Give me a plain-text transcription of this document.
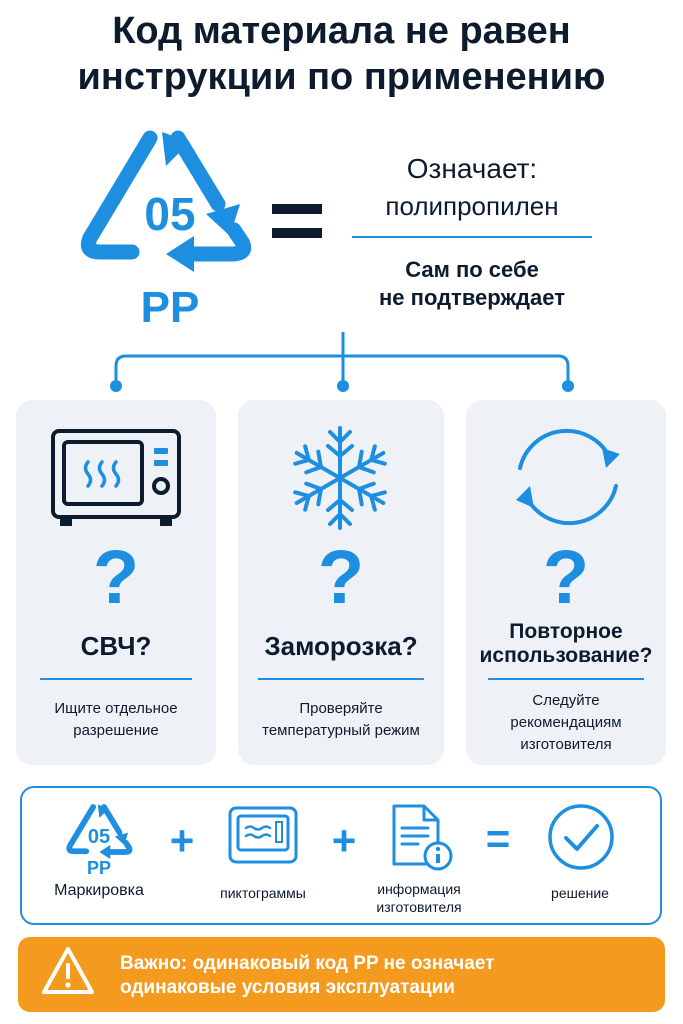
Код материала не равен
инструкции по применению
05
PP
Означает:
полипропилен
Сам по себе
не подтверждает
?
СВЧ?
Ищите отдельное
разрешение
?
Заморозка?
Проверяйте
температурный режим
?
Повторное
использование?
Следуйте
рекомендациям
изготовителя
05
PP
Маркировка
+
пиктограммы
+
информация
изготовителя
=
решение
Важно: одинаковый код PP не означает
одинаковые условия эксплуатации
